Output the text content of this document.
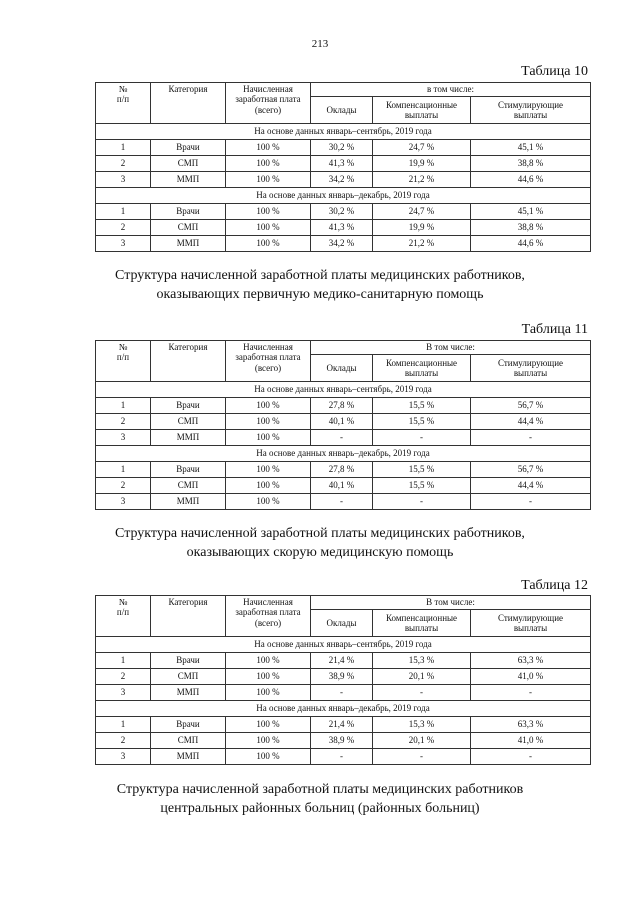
213
Таблица 10
№
п/п	Категория	Начисленная
заработная плата
(всего)	в том числе:		
			Оклады	Компенсационные
выплаты	Стимулирующие
выплаты
На основе данных январь–сентябрь, 2019 года					
1	Врачи	100 %	30,2 %	24,7 %	45,1 %
2	СМП	100 %	41,3 %	19,9 %	38,8 %
3	ММП	100 %	34,2 %	21,2 %	44,6 %
На основе данных январь–декабрь, 2019 года					
1	Врачи	100 %	30,2 %	24,7 %	45,1 %
2	СМП	100 %	41,3 %	19,9 %	38,8 %
3	ММП	100 %	34,2 %	21,2 %	44,6 %
Структура начисленной заработной платы медицинских работников,
оказывающих первичную медико-санитарную помощь
Таблица 11
№
п/п	Категория	Начисленная
заработная плата
(всего)	В том числе:		
			Оклады	Компенсационные
выплаты	Стимулирующие
выплаты
На основе данных январь–сентябрь, 2019 года					
1	Врачи	100 %	27,8 %	15,5 %	56,7 %
2	СМП	100 %	40,1 %	15,5 %	44,4 %
3	ММП	100 %	-	-	-
На основе данных январь–декабрь, 2019 года					
1	Врачи	100 %	27,8 %	15,5 %	56,7 %
2	СМП	100 %	40,1 %	15,5 %	44,4 %
3	ММП	100 %	-	-	-
Структура начисленной заработной платы медицинских работников,
оказывающих скорую медицинскую помощь
Таблица 12
№
п/п	Категория	Начисленная
заработная плата
(всего)	В том числе:		
			Оклады	Компенсационные
выплаты	Стимулирующие
выплаты
На основе данных январь–сентябрь, 2019 года					
1	Врачи	100 %	21,4 %	15,3 %	63,3 %
2	СМП	100 %	38,9 %	20,1 %	41,0 %
3	ММП	100 %	-	-	-
На основе данных январь–декабрь, 2019 года					
1	Врачи	100 %	21,4 %	15,3 %	63,3 %
2	СМП	100 %	38,9 %	20,1 %	41,0 %
3	ММП	100 %	-	-	-
Структура начисленной заработной платы медицинских работников
центральных районных больниц (районных больниц)
